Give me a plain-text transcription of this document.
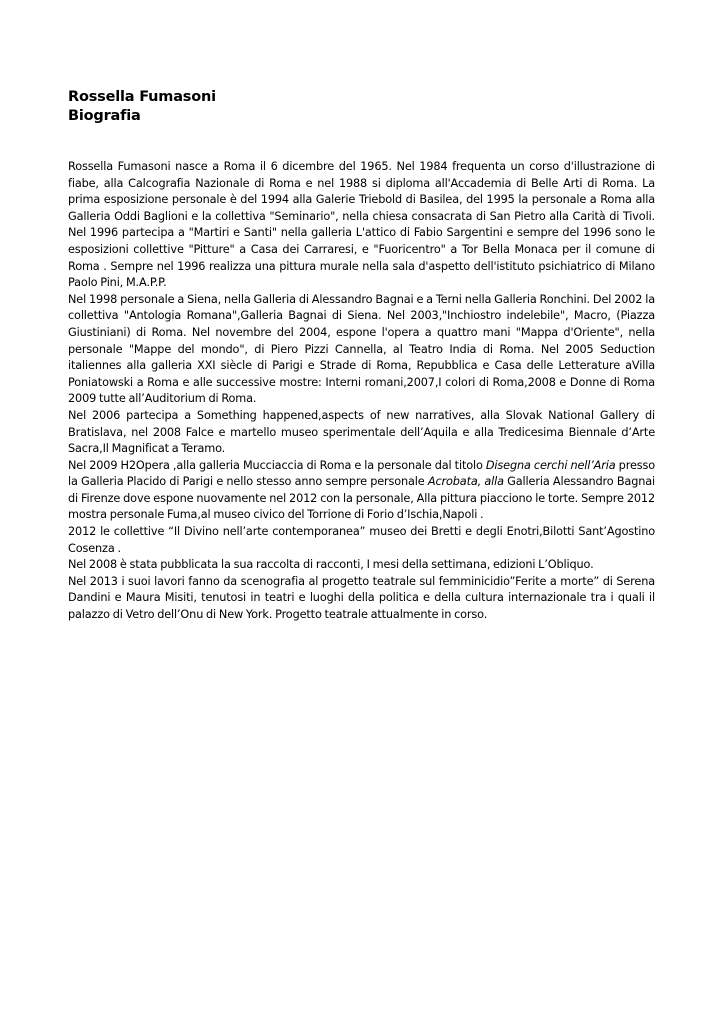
Rossella Fumasoni
Biografia

Rossella Fumasoni nasce a Roma il 6 dicembre del 1965. Nel 1984 frequenta un corso d'illustrazione di fiabe, alla Calcografia Nazionale di Roma e nel 1988 si diploma all'Accademia di Belle Arti di Roma. La prima esposizione personale è del 1994 alla Galerie Triebold di Basilea, del 1995 la personale a Roma alla Galleria Oddi Baglioni e la collettiva "Seminario", nella chiesa consacrata di San Pietro alla Carità di Tivoli. Nel 1996 partecipa a "Martiri e Santi" nella galleria L'attico di Fabio Sargentini e sempre del 1996 sono le esposizioni collettive "Pitture" a Casa dei Carraresi, e "Fuoricentro" a Tor Bella Monaca per il comune di Roma . Sempre nel 1996 realizza una pittura murale nella sala d'aspetto dell'istituto psichiatrico di Milano Paolo Pini, M.A.P.P.

Nel 1998 personale a Siena, nella Galleria di Alessandro Bagnai e a Terni nella Galleria Ronchini. Del 2002 la collettiva "Antologia Romana",Galleria Bagnai di Siena. Nel 2003,"Inchiostro indelebile", Macro, (Piazza Giustiniani) di Roma. Nel novembre del 2004, espone l'opera a quattro mani "Mappa d'Oriente", nella personale "Mappe del mondo", di Piero Pizzi Cannella, al Teatro India di Roma. Nel 2005 Seduction italiennes alla galleria XXI siècle di Parigi e Strade di Roma, Repubblica e Casa delle Letterature aVilla Poniatowski a Roma e alle successive mostre: Interni romani,2007,I colori di Roma,2008 e Donne di Roma 2009 tutte all’Auditorium di Roma.

Nel 2006 partecipa a Something happened,aspects of new narratives, alla Slovak National Gallery di Bratislava, nel 2008 Falce e martello museo sperimentale dell’Aquila e alla Tredicesima Biennale d’Arte Sacra,Il Magnificat a Teramo.

Nel 2009 H2Opera ,alla galleria Mucciaccia di Roma e la personale dal titolo Disegna cerchi nell’Aria presso la Galleria Placido di Parigi e nello stesso anno sempre personale Acrobata, alla Galleria Alessandro Bagnai di Firenze dove espone nuovamente nel 2012 con la personale, Alla pittura piacciono le torte. Sempre 2012 mostra personale Fuma,al museo civico del Torrione di Forio d’Ischia,Napoli .

2012 le collettive “Il Divino nell’arte contemporanea” museo dei Bretti e degli Enotri,Bilotti Sant’Agostino Cosenza .

Nel 2008 è stata pubblicata la sua raccolta di racconti, I mesi della settimana, edizioni L’Obliquo.

Nel 2013 i suoi lavori fanno da scenografia al progetto teatrale sul femminicidio”Ferite a morte” di Serena Dandini e Maura Misiti, tenutosi in teatri e luoghi della politica e della cultura internazionale tra i quali il palazzo di Vetro dell’Onu di New York. Progetto teatrale attualmente in corso.
